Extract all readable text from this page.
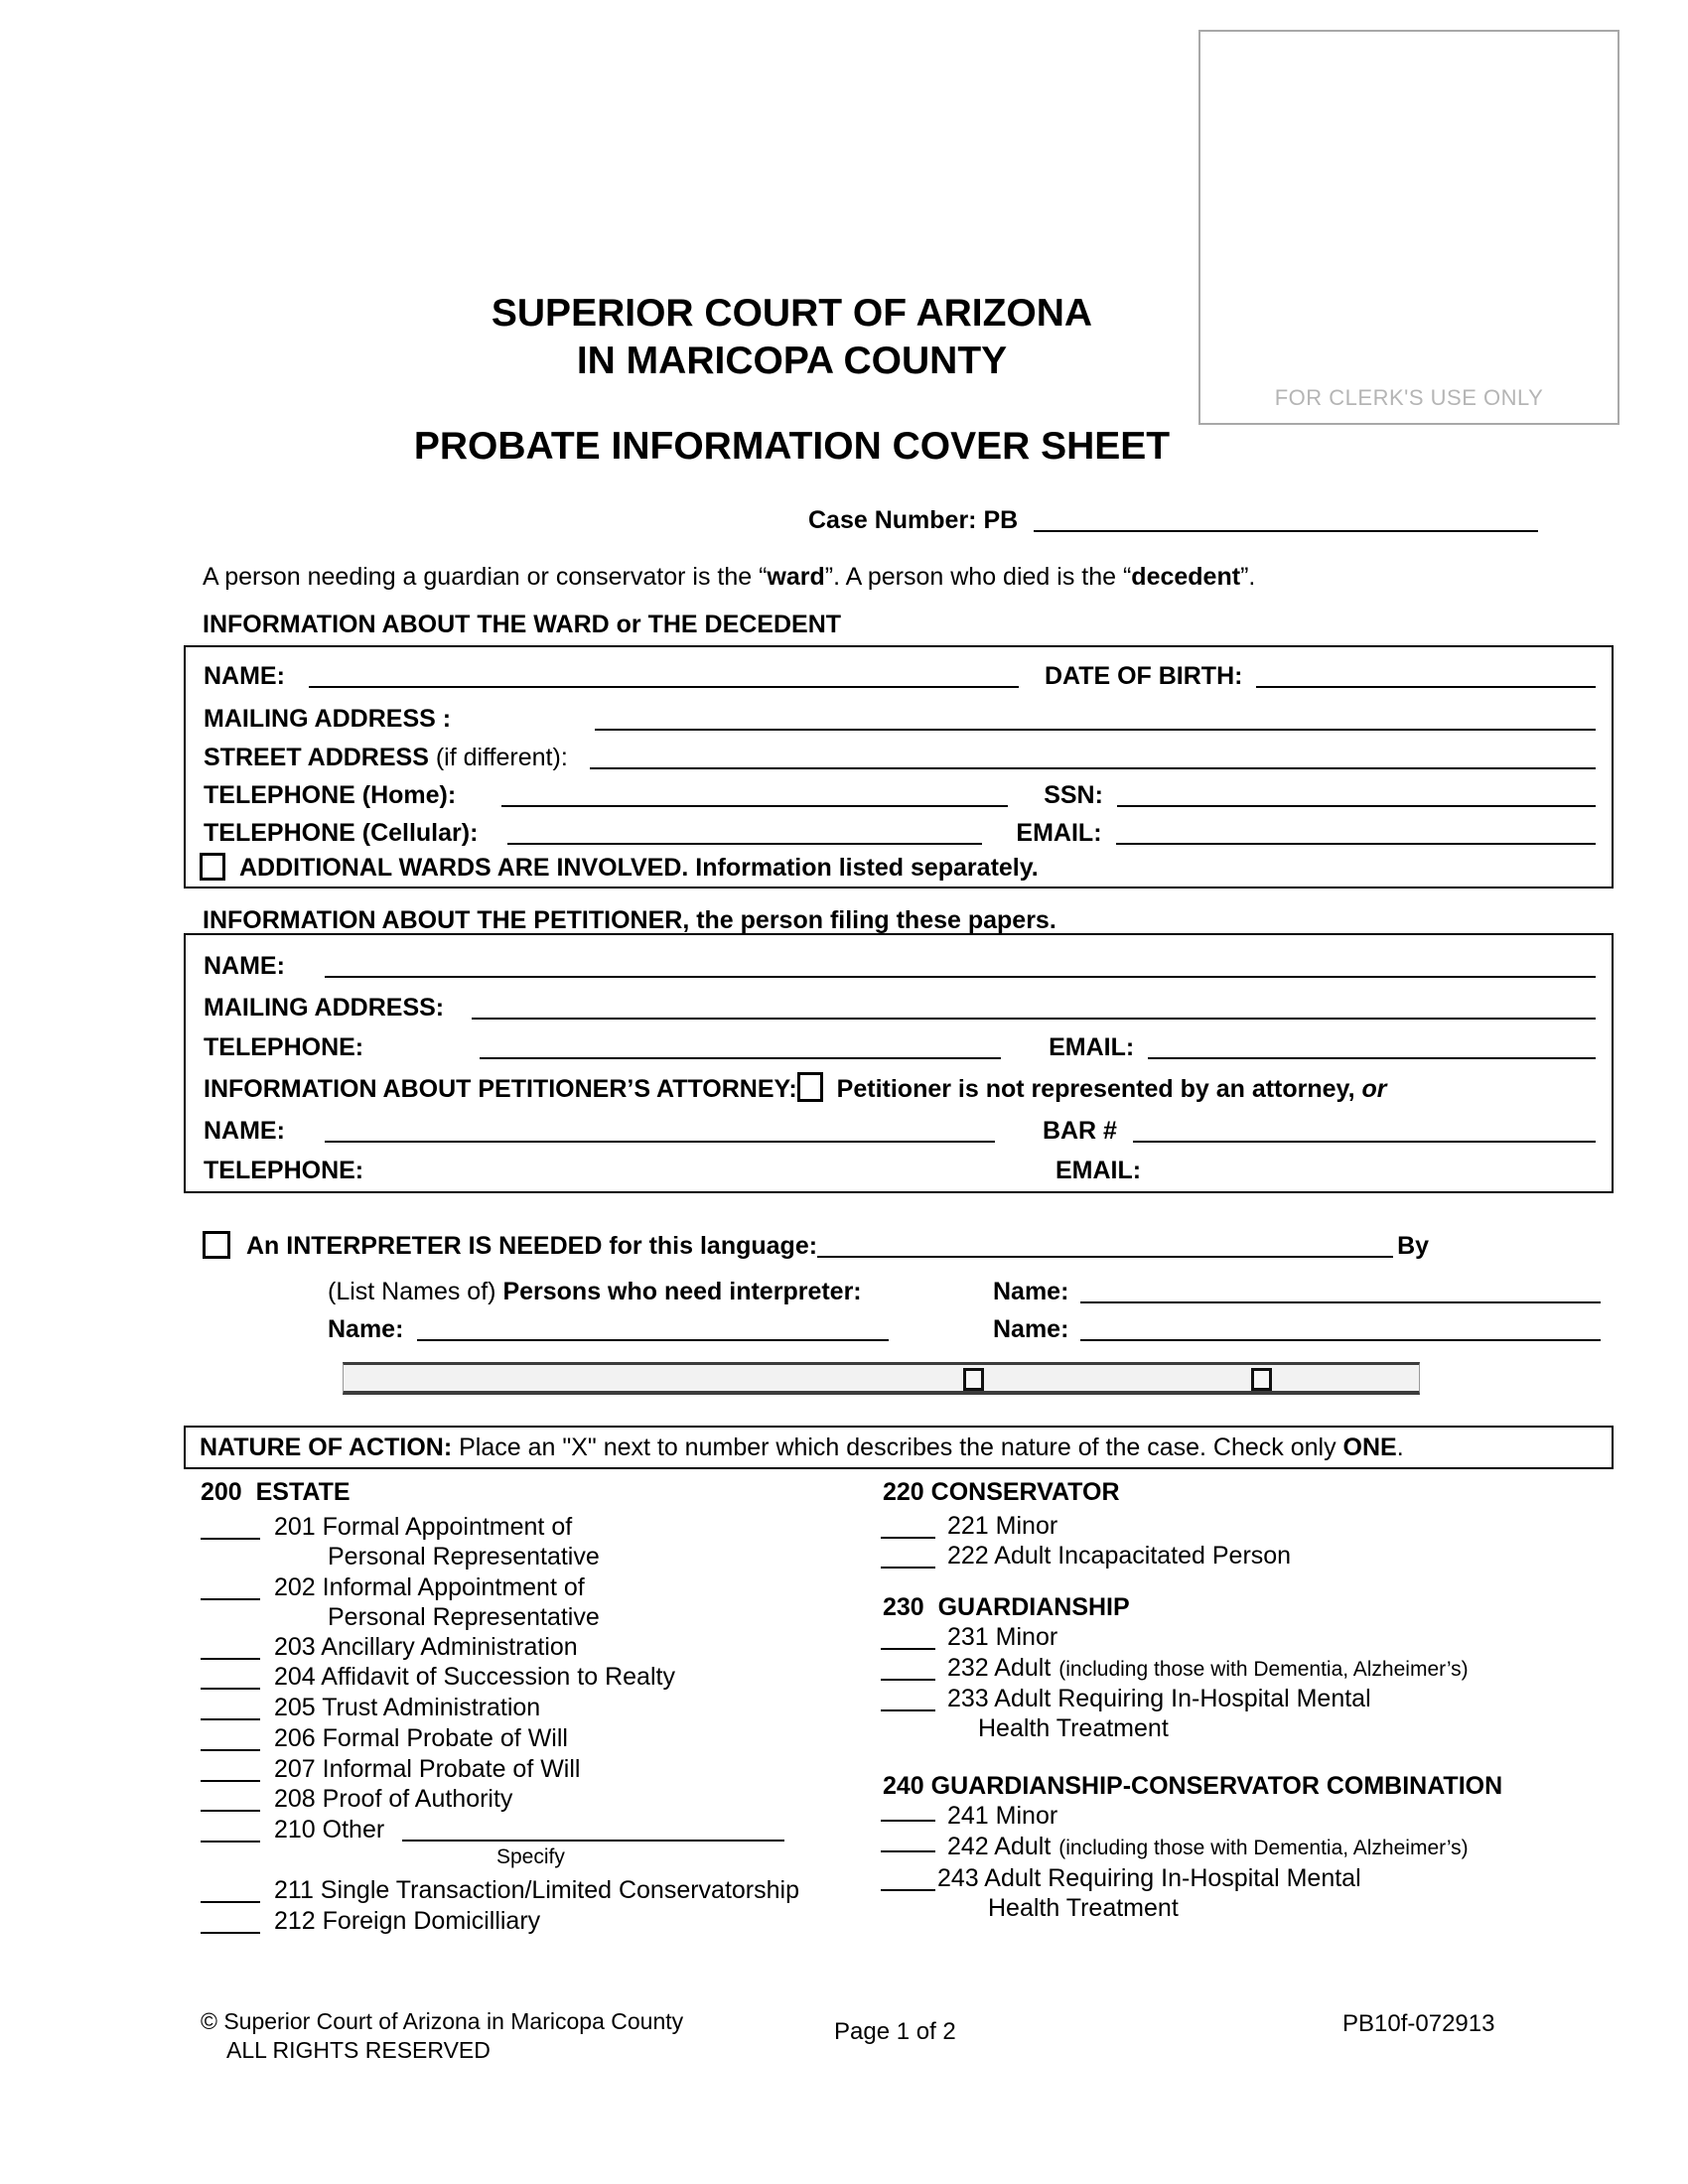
FOR CLERK'S USE ONLY
SUPERIOR COURT OF ARIZONA
IN MARICOPA COUNTY
PROBATE INFORMATION COVER SHEET
Case Number: PB
A person needing a guardian or conservator is the “ ward ”. A person who died is the “ decedent ”.
INFORMATION ABOUT THE WARD or THE DECEDENT
NAME:	DATE OF BIRTH:
MAILING ADDRESS :
STREET ADDRESS (if different):
TELEPHONE (Home):	SSN:
TELEPHONE (Cellular):	EMAIL:
ADDITIONAL WARDS ARE INVOLVED. Information listed separately.
INFORMATION ABOUT THE PETITIONER, the person filing these papers.
NAME:
MAILING ADDRESS:
TELEPHONE:	EMAIL:
INFORMATION ABOUT PETITIONER’S ATTORNEY: Petitioner is not represented by an attorney, or
NAME:	BAR #
TELEPHONE:	EMAIL:
An INTERPRETER IS NEEDED for this language:	By
(List Names of) Persons who need interpreter:	Name:
Name:	Name:
NATURE OF ACTION: Place an "X" next to number which describes the nature of the case. Check only ONE .
200  ESTATE
201 Formal Appointment of
Personal Representative
202 Informal Appointment of
Personal Representative
203 Ancillary Administration
204 Affidavit of Succession to Realty
205 Trust Administration
206 Formal Probate of Will
207 Informal Probate of Will
208 Proof of Authority
210 Other
Specify
211 Single Transaction/Limited Conservatorship
212 Foreign Domicilliary
220 CONSERVATOR
221 Minor
222 Adult Incapacitated Person
230  GUARDIANSHIP
231 Minor
232 Adult (including those with Dementia, Alzheimer’s)
233 Adult Requiring In-Hospital Mental
Health Treatment
240 GUARDIANSHIP-CONSERVATOR COMBINATION
241 Minor
242 Adult (including those with Dementia, Alzheimer’s)
243 Adult Requiring In-Hospital Mental
Health Treatment
© Superior Court of Arizona in Maricopa County
ALL RIGHTS RESERVED
Page 1 of 2	PB10f-072913
